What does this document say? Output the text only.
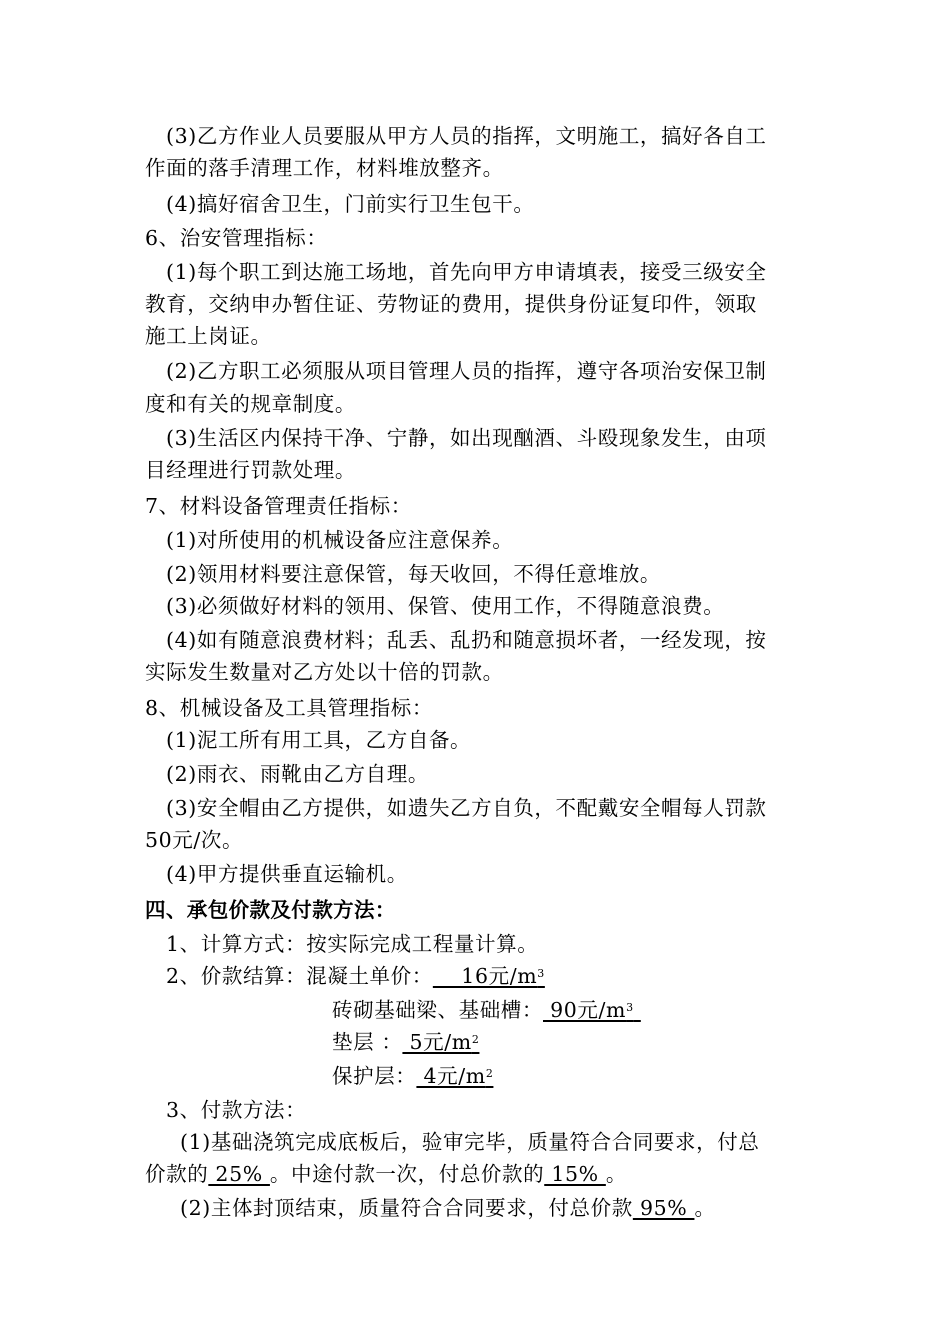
(3)乙方作业人员要服从甲方人员的指挥，文明施工，搞好各自工
作面的落手清理工作，材料堆放整齐。
(4)搞好宿舍卫生，门前实行卫生包干。
6、治安管理指标：
(1)每个职工到达施工场地，首先向甲方申请填表，接受三级安全
教育，交纳申办暂住证、劳物证的费用，提供身份证复印件，领取
施工上岗证。
(2)乙方职工必须服从项目管理人员的指挥，遵守各项治安保卫制
度和有关的规章制度。
(3)生活区内保持干净、宁静，如出现酗酒、斗殴现象发生，由项
目经理进行罚款处理。
7、材料设备管理责任指标：
(1)对所使用的机械设备应注意保养。
(2)领用材料要注意保管，每天收回，不得任意堆放。
(3)必须做好材料的领用、保管、使用工作，不得随意浪费。
(4)如有随意浪费材料；乱丢、乱扔和随意损坏者，一经发现，按
实际发生数量对乙方处以十倍的罚款。
8、机械设备及工具管理指标：
(1)泥工所有用工具，乙方自备。
(2)雨衣、雨靴由乙方自理。
(3)安全帽由乙方提供，如遗失乙方自负，不配戴安全帽每人罚款
50元/次。
(4)甲方提供垂直运输机。
四、承包价款及付款方法：
1、计算方式：按实际完成工程量计算。
2、价款结算：混凝土单价：    16元$/m^3$
砖砌基础梁、基础槽： 90元$/m^3$
垫层 ： 5元$/m^2$
保护层： 4元$/m^2$
3、付款方法：
(1)基础浇筑完成底板后，验审完毕，质量符合合同要求，付总
价款的 25% 。中途付款一次，付总价款的 15% 。
(2)主体封顶结束，质量符合合同要求，付总价款 95% 。
